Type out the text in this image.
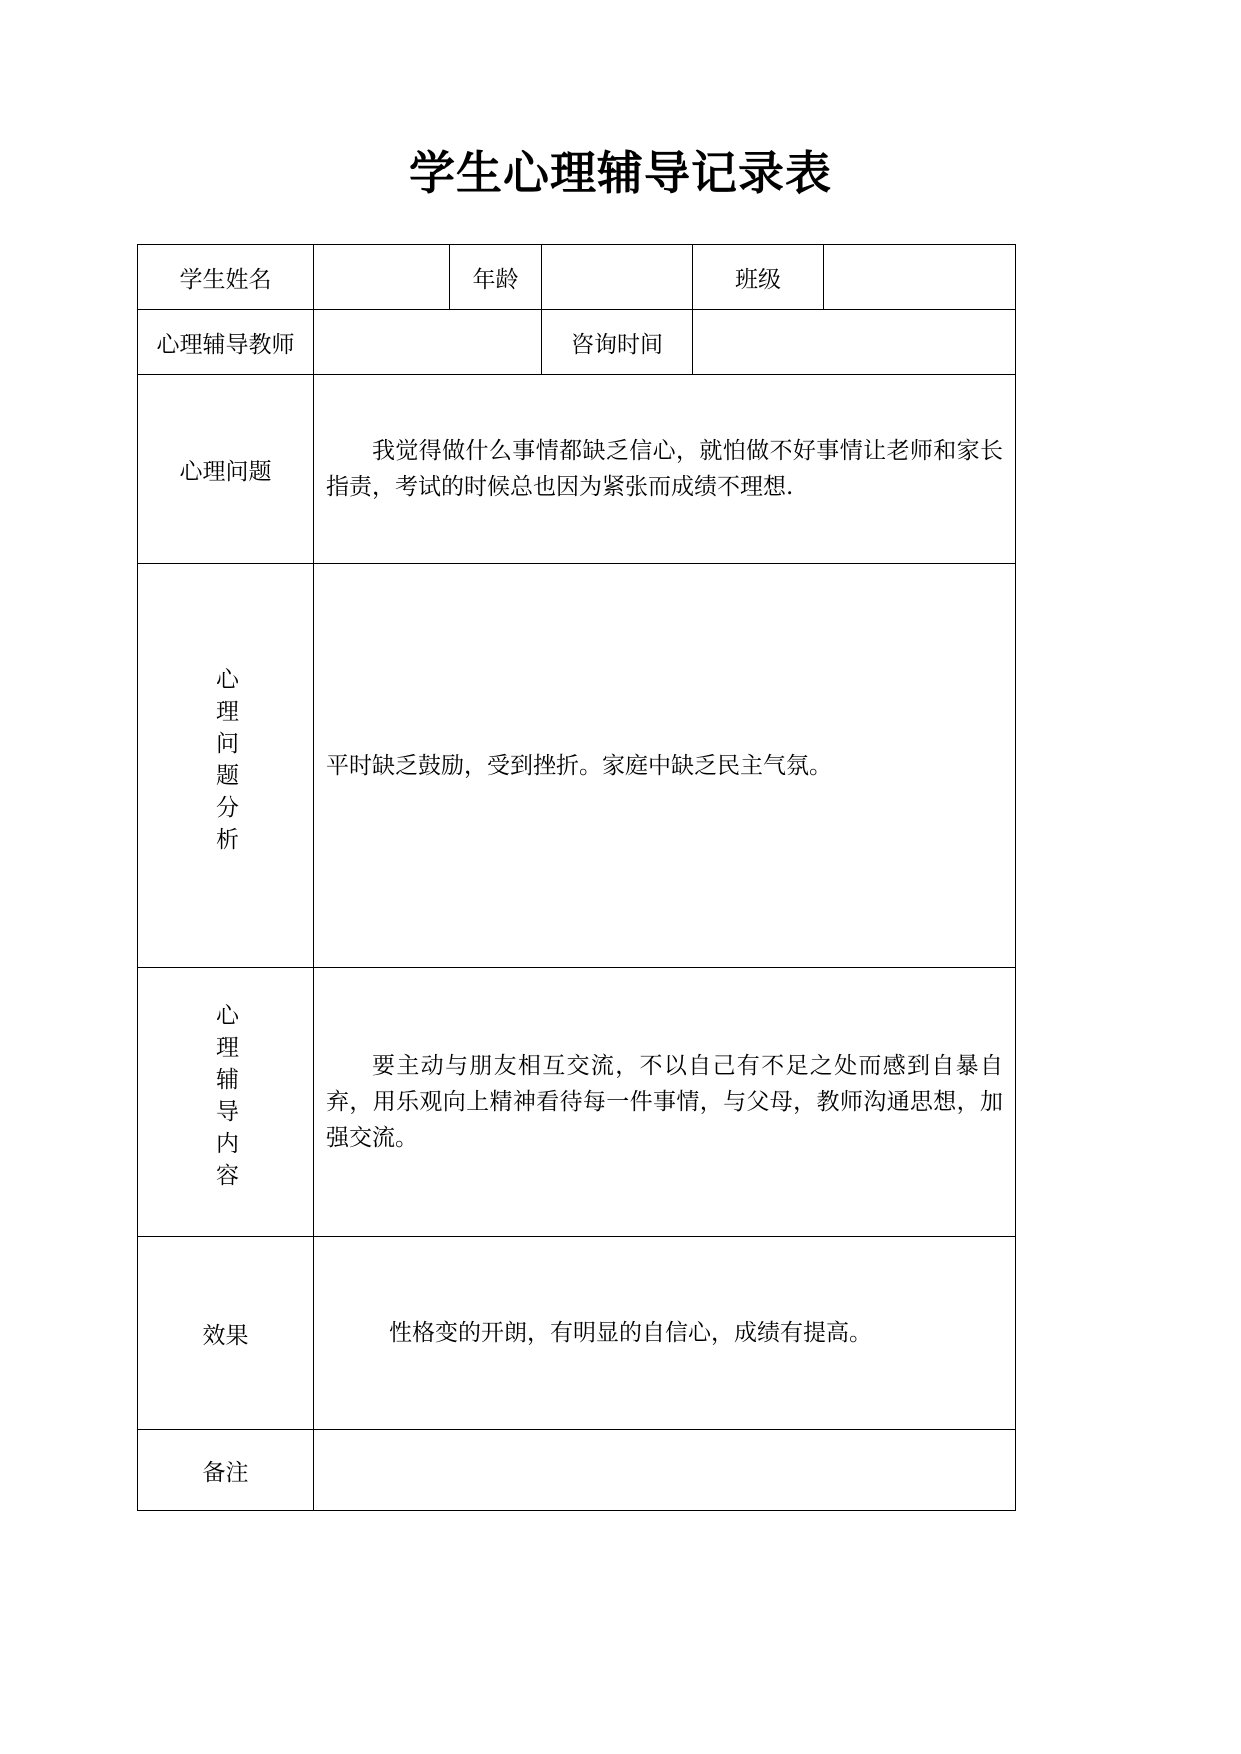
学生心理辅导记录表
学生姓名		年龄		班级	
心理辅导教师			咨询时间		
心理问题	我觉得做什么事情都缺乏信心，就怕做不好事情让老师和家长指责，考试的时候总也因为紧张而成绩不理想.				

心理问题分析	平时缺乏鼓励，受到挫折。家庭中缺乏民主气氛。				

心理辅导内容	要主动与朋友相互交流，不以自己有不足之处而感到自暴自弃，用乐观向上精神看待每一件事情，与父母，教师沟通思想，加强交流。				

效果	性格变的开朗，有明显的自信心，成绩有提高。				

备注					
